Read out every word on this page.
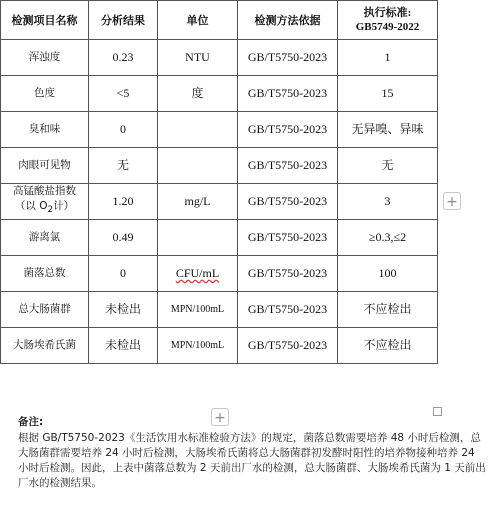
检测项目名称	分析结果	单位	检测方法依据	执行标准:
GB5749-2022
浑浊度	0.23	NTU	GB/T5750-2023	1
色度	<5	度	GB/T5750-2023	15
臭和味	0		GB/T5750-2023	无异嗅、异味
肉眼可见物	无		GB/T5750-2023	无
高锰酸盐指数
（以 $O_2$计）	1.20	mg/L	GB/T5750-2023	3
游离氯	0.49		GB/T5750-2023	≥0.3,≤2
菌落总数	0	CFU/mL	GB/T5750-2023	100
总大肠菌群	未检出	MPN/100mL	GB/T5750-2023	不应检出
大肠埃希氏菌	未检出	MPN/100mL	GB/T5750-2023	不应检出
+
+
备注:
根据 GB/T5750-2023《生活饮用水标准检验方法》的规定，菌落总数需要培养 48 小时后检测，总大肠菌群需要培养 24 小时后检测，大肠埃希氏菌将总大肠菌群初发酵时阳性的培养物接种培养 24 小时后检测。因此，上表中菌落总数为 2 天前出厂水的检测，总大肠菌群、大肠埃希氏菌为 1 天前出厂水的检测结果。
